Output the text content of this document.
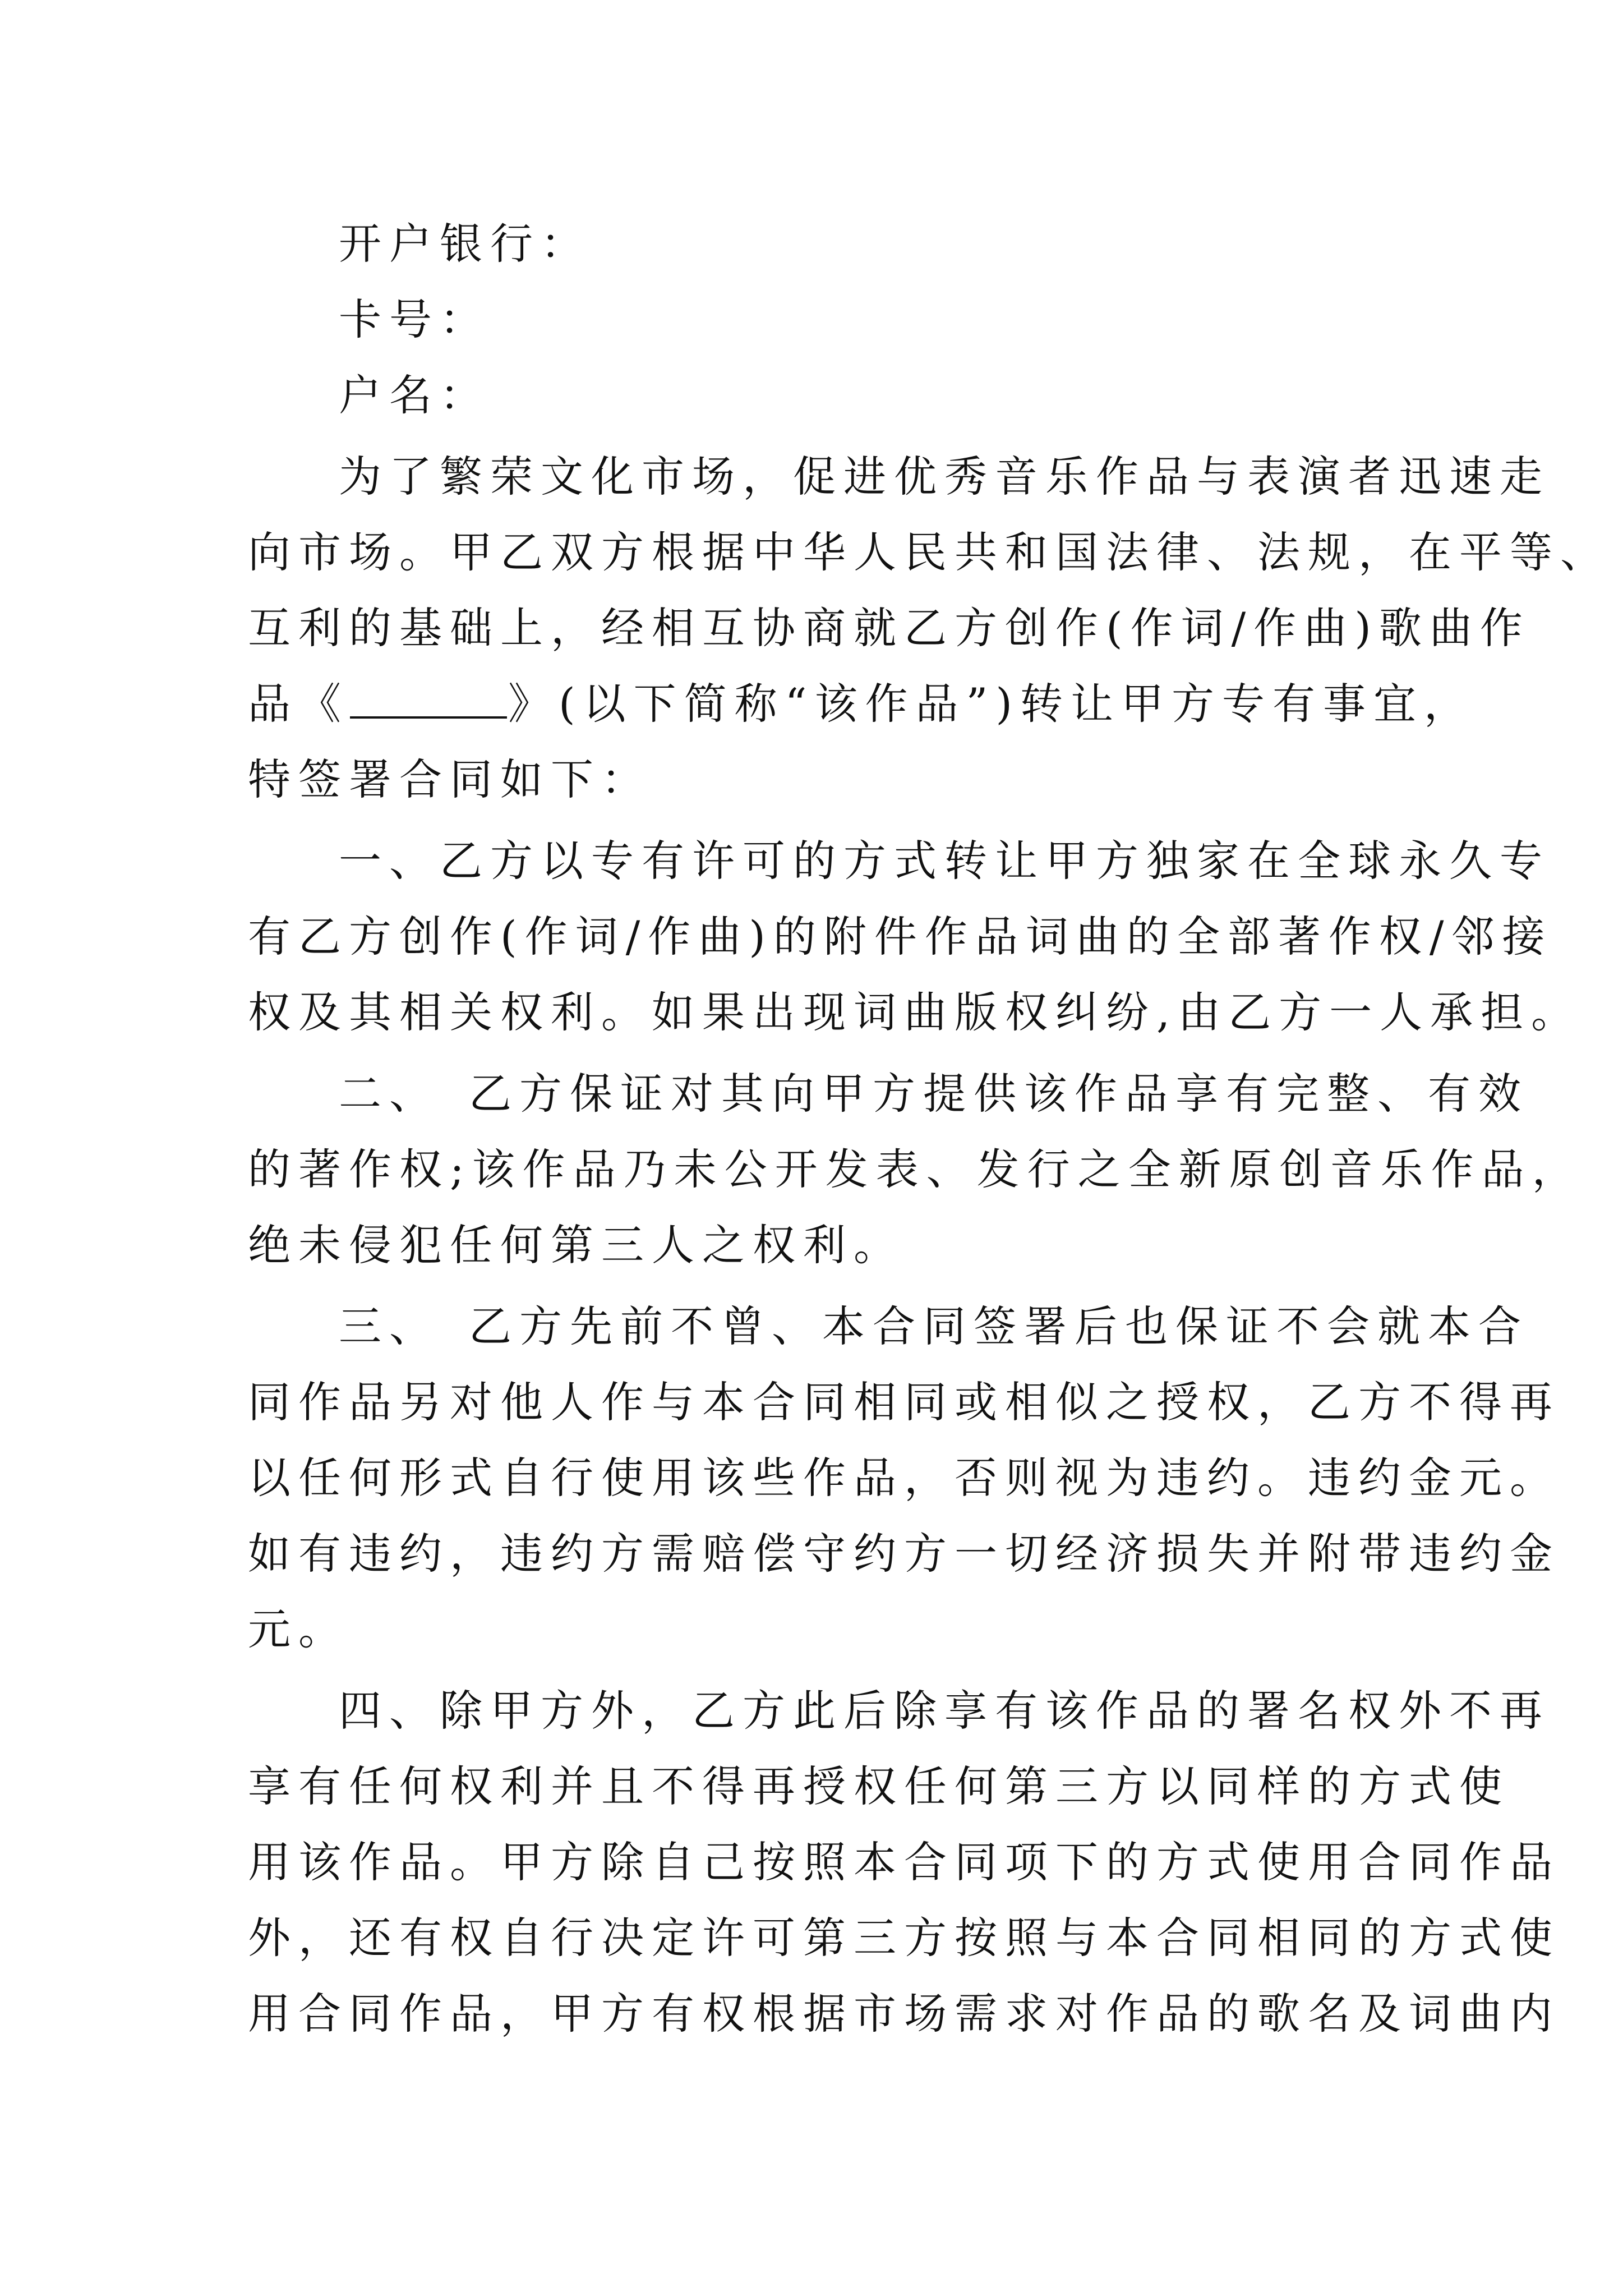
开户银行：
卡号：
户名：
为了繁荣文化市场，促进优秀音乐作品与表演者迅速走
向市场。甲乙双方根据中华人民共和国法律、法规，在平等、
互利的基础上，经相互协商就乙方创作(作词/作曲)歌曲作
品《	》(以下简称“该作品”)转让甲方专有事宜，
特签署合同如下：
一、乙方以专有许可的方式转让甲方独家在全球永久专
有乙方创作(作词/作曲)的附件作品词曲的全部著作权/邻接
权及其相关权利。如果出现词曲版权纠纷,由乙方一人承担。
二、　乙方保证对其向甲方提供该作品享有完整、有效
的著作权;该作品乃未公开发表、发行之全新原创音乐作品，
绝未侵犯任何第三人之权利。
三、　乙方先前不曾、本合同签署后也保证不会就本合
同作品另对他人作与本合同相同或相似之授权，乙方不得再
以任何形式自行使用该些作品，否则视为违约。违约金元。
如有违约，违约方需赔偿守约方一切经济损失并附带违约金
元。
四、除甲方外，乙方此后除享有该作品的署名权外不再
享有任何权利并且不得再授权任何第三方以同样的方式使
用该作品。甲方除自己按照本合同项下的方式使用合同作品
外，还有权自行决定许可第三方按照与本合同相同的方式使
用合同作品，甲方有权根据市场需求对作品的歌名及词曲内
